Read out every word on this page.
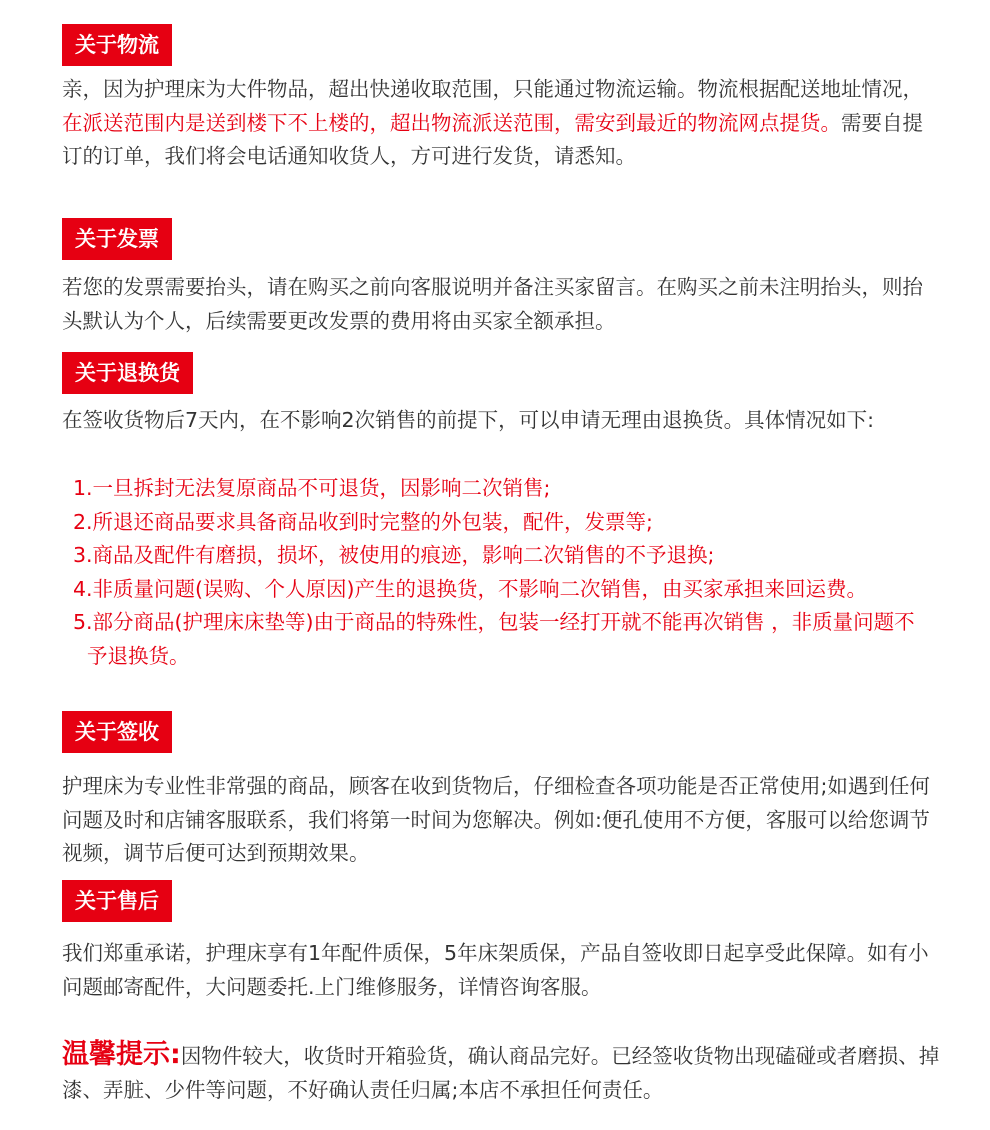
关于物流

亲，因为护理床为大件物品，超出快递收取范围，只能通过物流运输。物流根据配送地址情况，在派送范围内是送到楼下不上楼的，超出物流派送范围，需安到最近的物流网点提货。需要自提订的订单，我们将会电话通知收货人，方可进行发货，请悉知。

关于发票

若您的发票需要抬头，请在购买之前向客服说明并备注买家留言。在购买之前未注明抬头，则抬头默认为个人，后续需要更改发票的费用将由买家全额承担。

关于退换货

在签收货物后7天内，在不影响2次销售的前提下，可以申请无理由退换货。具体情况如下:

1.一旦拆封无法复原商品不可退货，因影响二次销售;
2.所退还商品要求具备商品收到时完整的外包装，配件，发票等;
3.商品及配件有磨损，损坏，被使用的痕迹，影响二次销售的不予退换;
4.非质量问题(误购、个人原因)产生的退换货，不影响二次销售，由买家承担来回运费。
5.部分商品(护理床床垫等)由于商品的特殊性，包装一经打开就不能再次销售 ，非质量问题不予退换货。
关于签收

护理床为专业性非常强的商品，顾客在收到货物后，仔细检查各项功能是否正常使用;如遇到任何问题及时和店铺客服联系，我们将第一时间为您解决。例如:便孔使用不方便，客服可以给您调节视频，调节后便可达到预期效果。

关于售后

我们郑重承诺，护理床享有1年配件质保，5年床架质保，产品自签收即日起享受此保障。如有小问题邮寄配件，大问题委托.上门维修服务，详情咨询客服。

温馨提示:因物件较大，收货时开箱验货，确认商品完好。已经签收货物出现磕碰或者磨损、掉漆、弄脏、少件等问题，不好确认责任归属;本店不承担任何责任。
